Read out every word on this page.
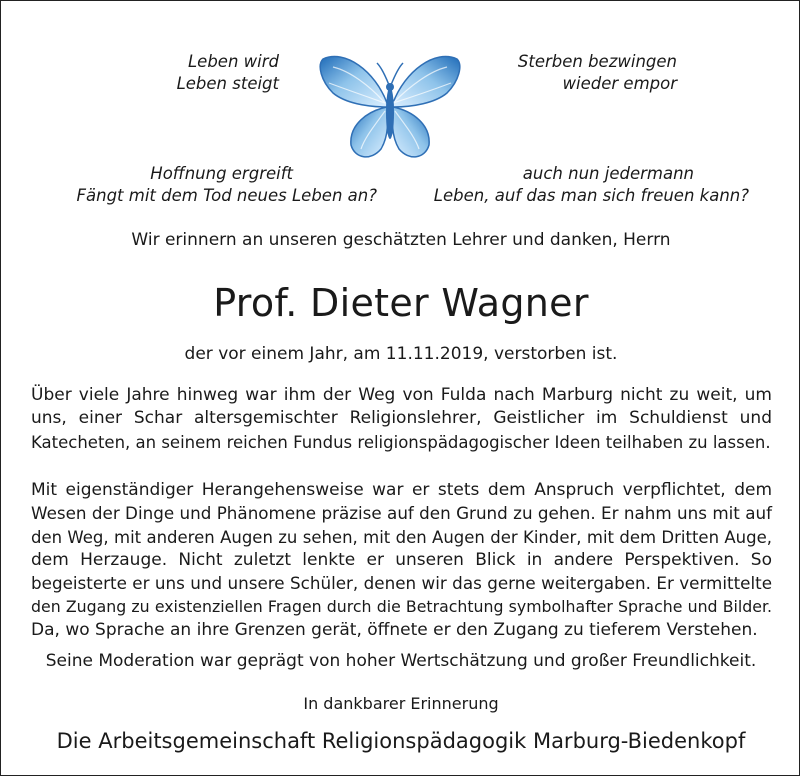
Leben wird
Leben steigt
Sterben bezwingen
wieder empor
Hoffnung ergreift
Fängt mit dem Tod neues Leben an?
auch nun jedermann
Leben, auf das man sich freuen kann?
Wir erinnern an unseren geschätzten Lehrer und danken, Herrn
Prof. Dieter Wagner
der vor einem Jahr, am 11.11.2019, verstorben ist.
Über viele Jahre hinweg war ihm der Weg von Fulda nach Marburg nicht zu weit, um
uns, einer Schar altersgemischter Religionslehrer, Geistlicher im Schuldienst und
Katecheten, an seinem reichen Fundus religionspädagogischer Ideen teilhaben zu lassen.
Mit eigenständiger Herangehensweise war er stets dem Anspruch verpflichtet, dem
Wesen der Dinge und Phänomene präzise auf den Grund zu gehen. Er nahm uns mit auf
den Weg, mit anderen Augen zu sehen, mit den Augen der Kinder, mit dem Dritten Auge,
dem Herzauge. Nicht zuletzt lenkte er unseren Blick in andere Perspektiven. So
begeisterte er uns und unsere Schüler, denen wir das gerne weitergaben. Er vermittelte
den Zugang zu existenziellen Fragen durch die Betrachtung symbolhafter Sprache und Bilder.
Da, wo Sprache an ihre Grenzen gerät, öffnete er den Zugang zu tieferem Verstehen.
Seine Moderation war geprägt von hoher Wertschätzung und großer Freundlichkeit.
In dankbarer Erinnerung
Die Arbeitsgemeinschaft Religionspädagogik Marburg-Biedenkopf
